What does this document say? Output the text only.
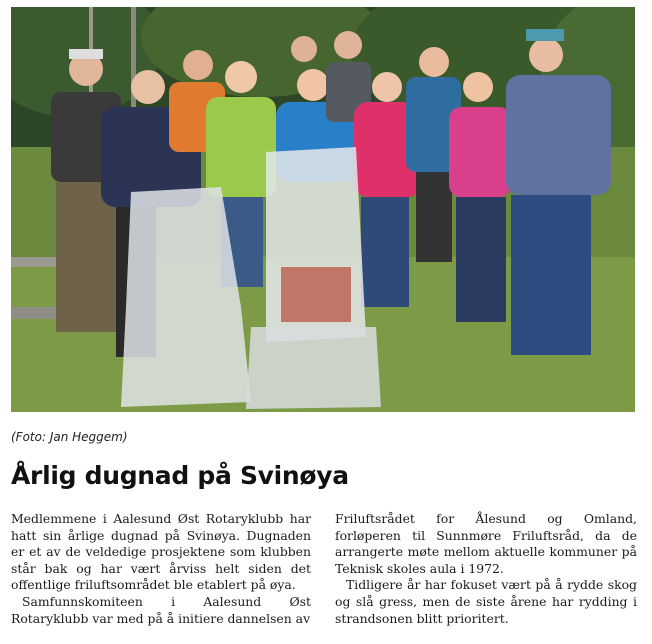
(Foto: Jan Heggem)
Årlig dugnad på Svinøya

Medlemmene i Aalesund Øst Rotaryklubb har hatt sin årlige dugnad på Svinøya. Dugnaden er et av de veldedige prosjektene som klubben står bak og har vært årviss helt siden det offentlige friluftsområdet ble etablert på øya.

Samfunnskomiteen i Aalesund Øst Rotaryklubb var med på å initiere dannelsen av

Friluftsrådet for Ålesund og Omland, forløperen til Sunnmøre Friluftsråd, da de arrangerte møte mellom aktuelle kommuner på Teknisk skoles aula i 1972.

Tidligere år har fokuset vært på å rydde skog og slå gress, men de siste årene har rydding i strandsonen blitt prioritert.
